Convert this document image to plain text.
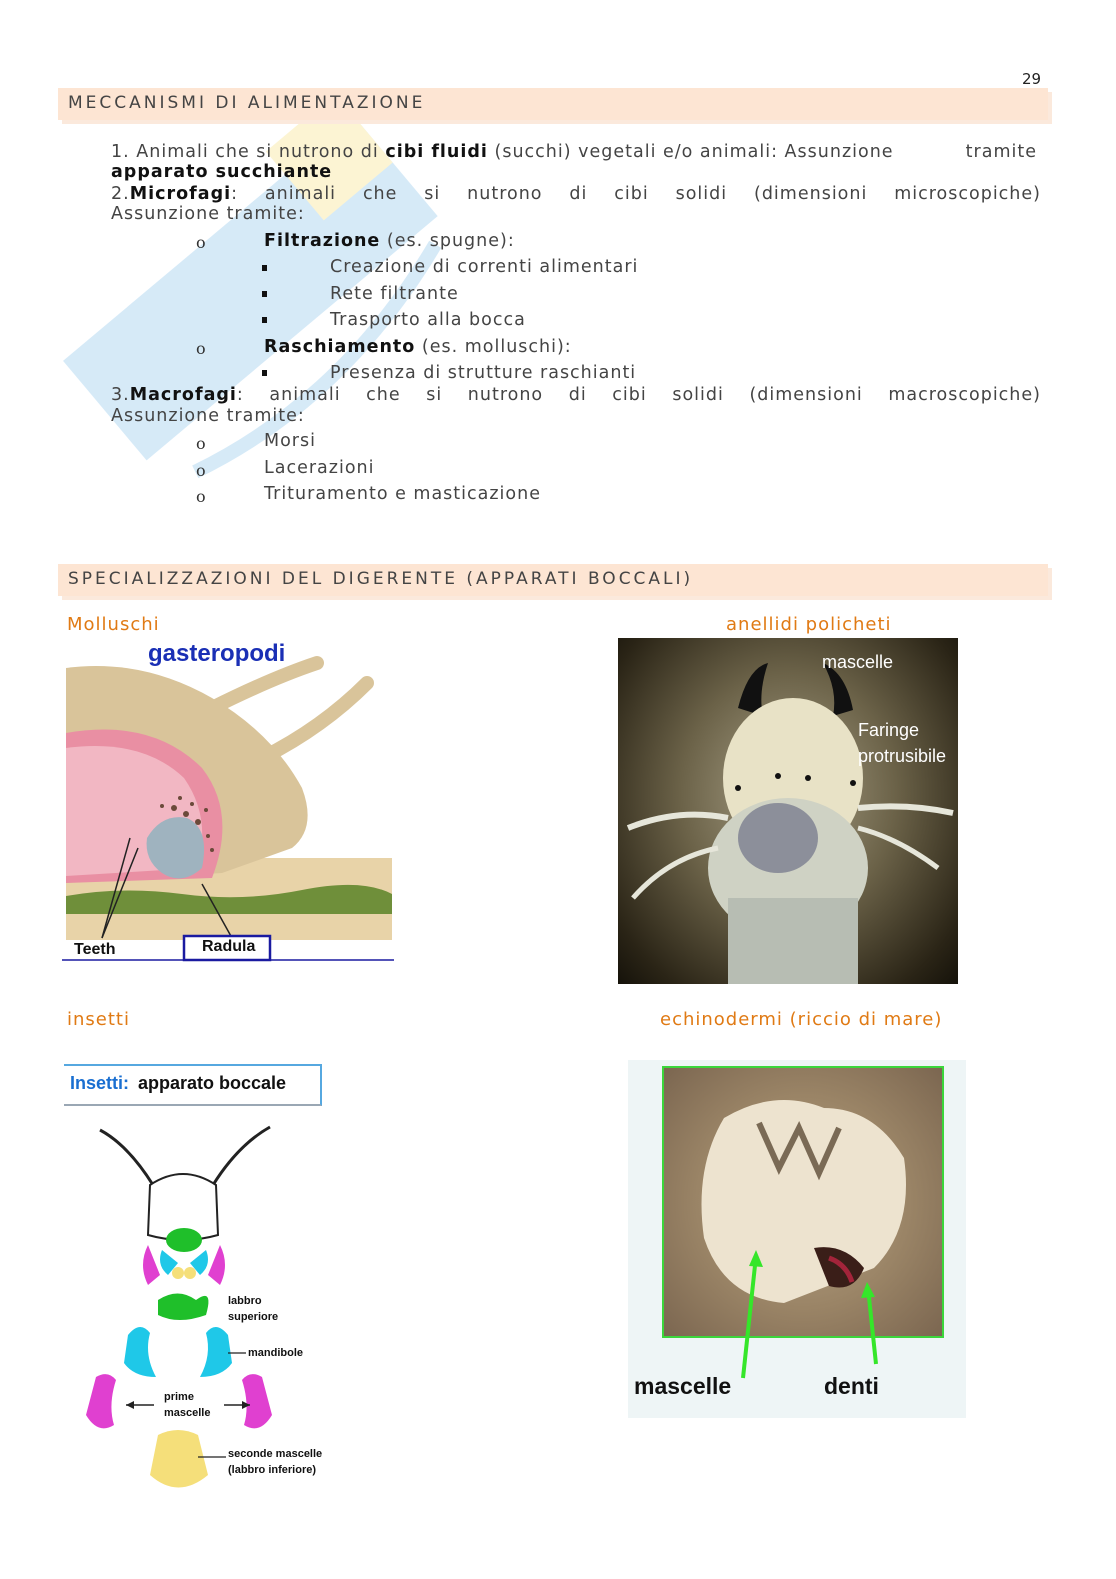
29
MECCANISMI DI ALIMENTAZIONE
1. Animali che si nutrono di cibi fluidi (succhi) vegetali e/o animali: Assunzione	tramite
apparato succhiante
2.Microfagi: animali che si nutrono di cibi solidi (dimensioni microscopiche)
Assunzione tramite:
o	Filtrazione (es. spugne):
Creazione di correnti alimentari
Rete filtrante
Trasporto alla bocca
o	Raschiamento (es. molluschi):
Presenza di strutture raschianti
3.Macrofagi: animali che si nutrono di cibi solidi (dimensioni macroscopiche)
Assunzione tramite:
o	Morsi
o	Lacerazioni
o	Trituramento e masticazione
SPECIALIZZAZIONI DEL DIGERENTE (APPARATI BOCCALI)
Molluschi	anellidi policheti
insetti	echinodermi (riccio di mare)
gasteropodi
Teeth	Radula
mascelle
Faringe
protrusibile
Insetti: apparato boccale
labbro
superiore
mandibole
prime
mascelle
seconde mascelle
(labbro inferiore)
mascelle	denti
